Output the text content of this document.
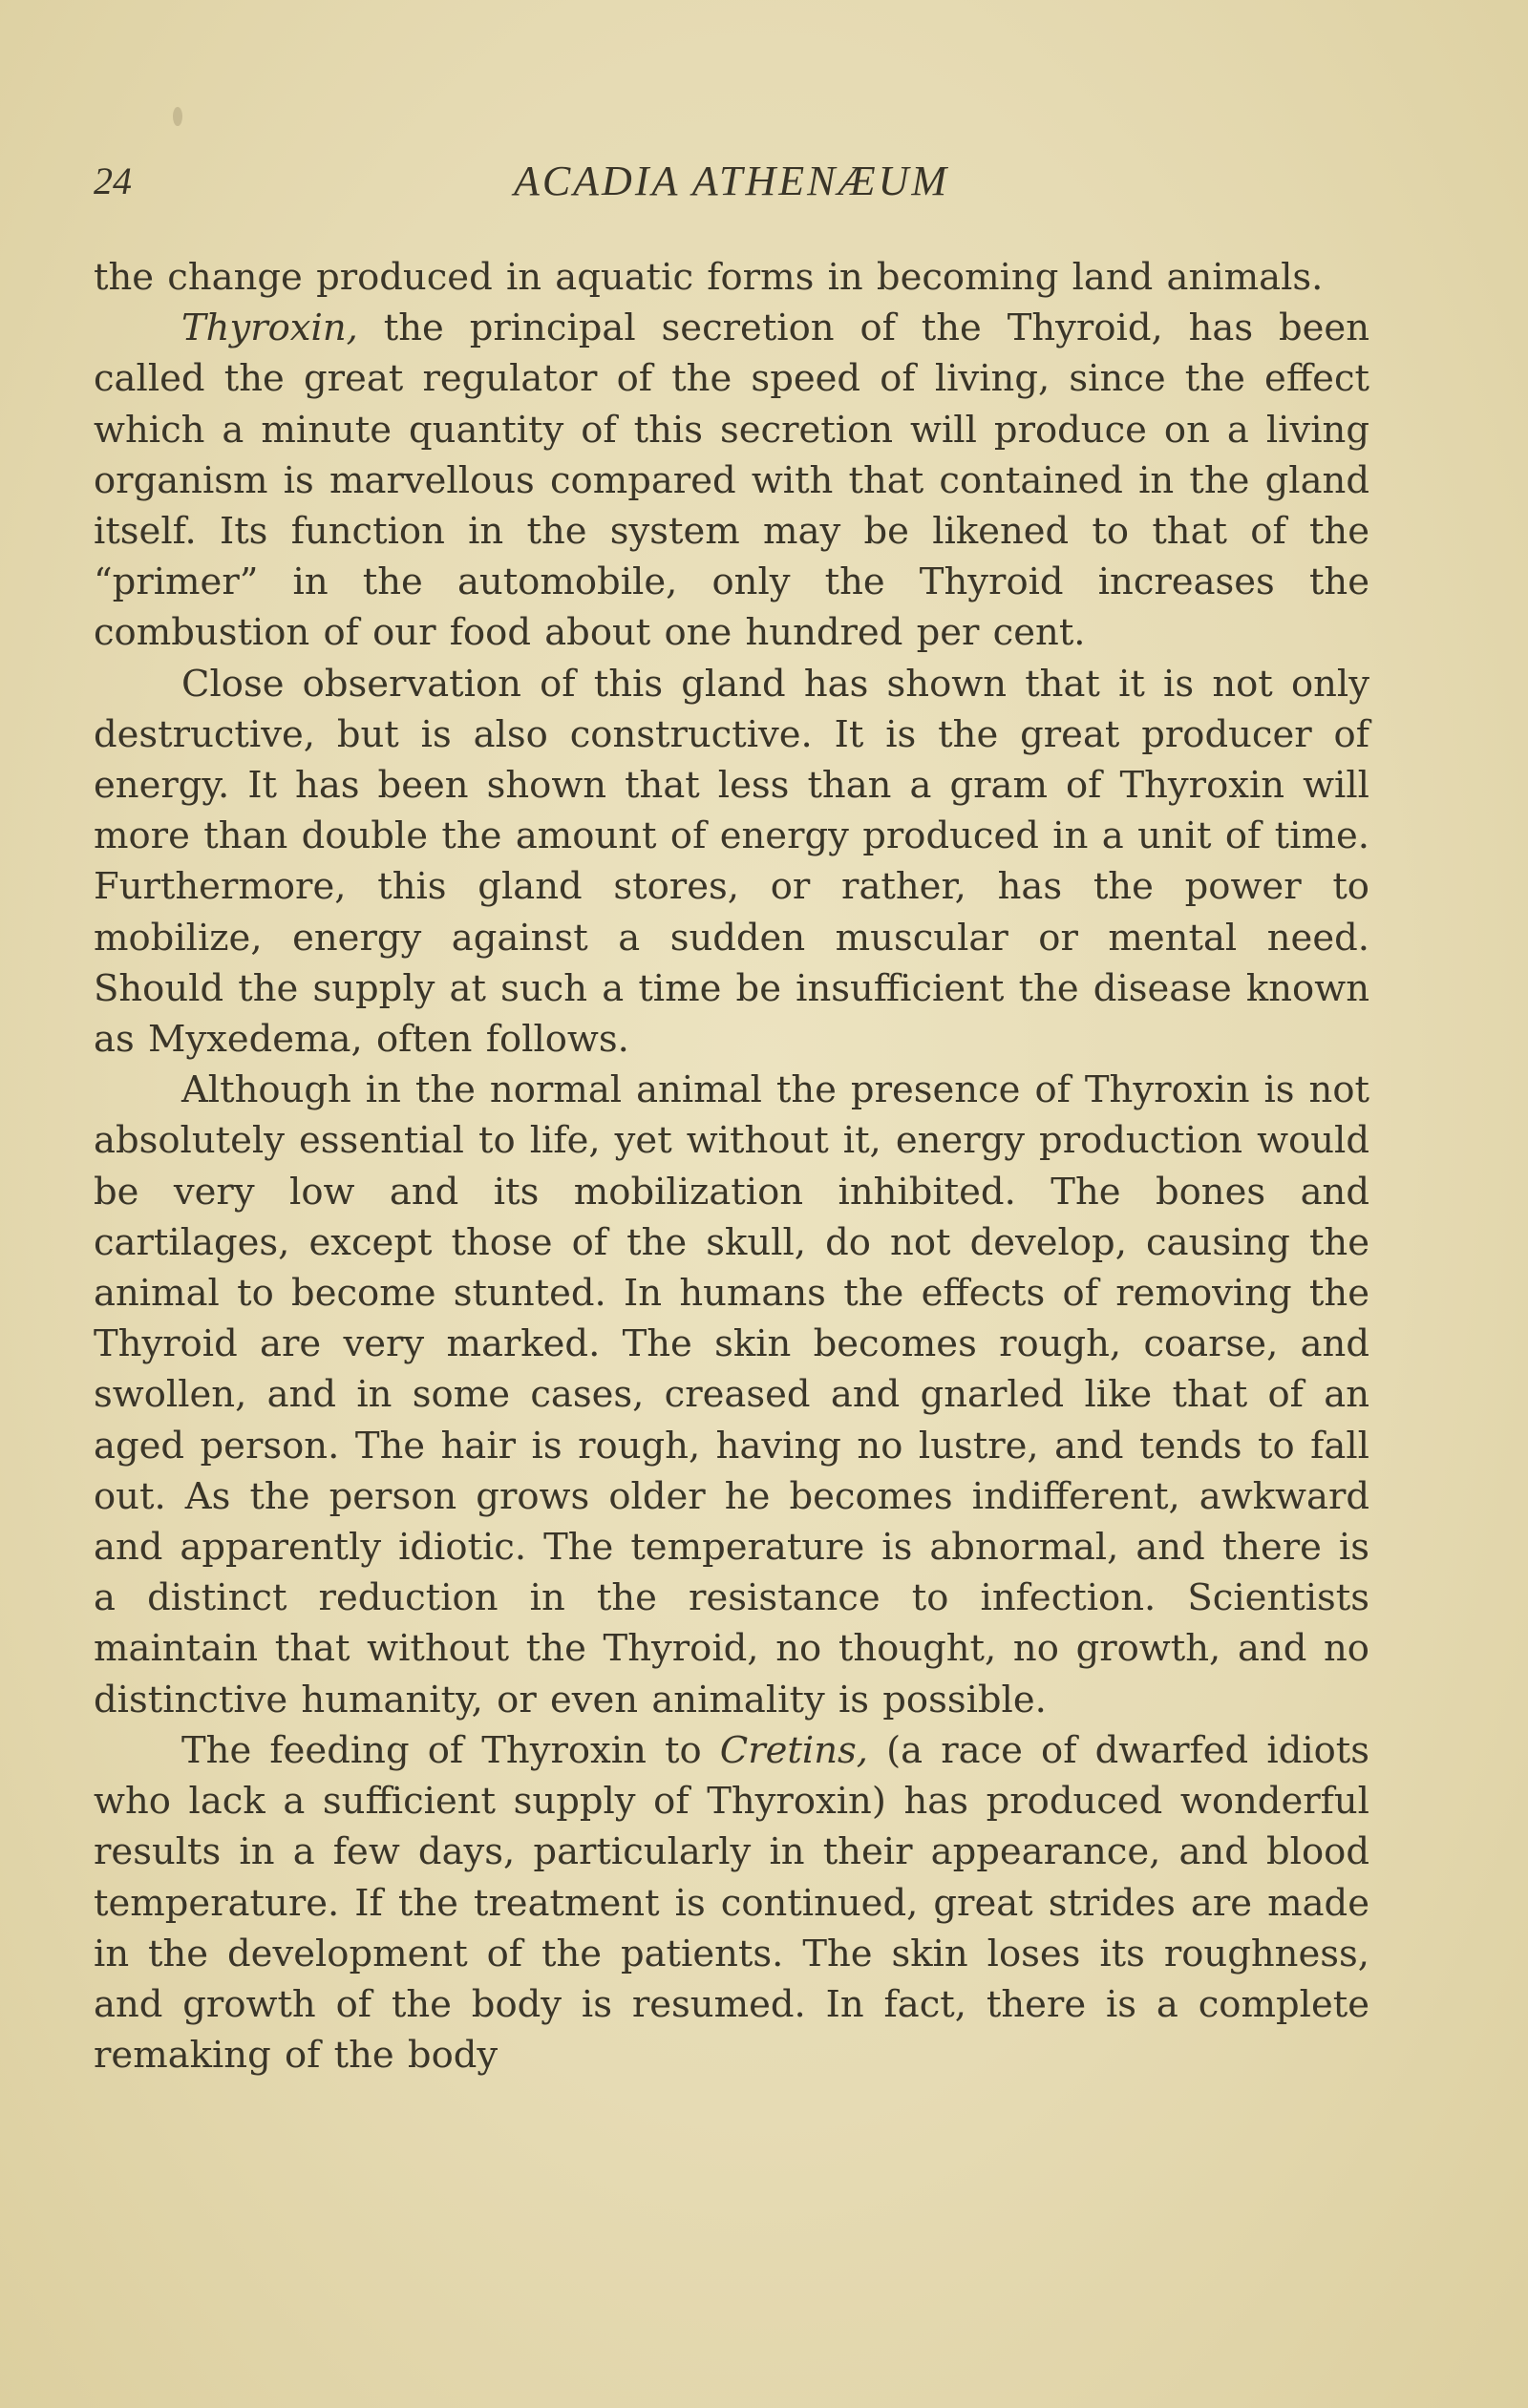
24	ACADIA ATHENÆUM

the change produced in aquatic forms in becoming land animals.

Thyroxin, the principal secretion of the Thyroid, has been called the great regulator of the speed of living, since the effect which a minute quantity of this secretion will produce on a living organism is marvellous compared with that contained in the gland itself. Its function in the system may be likened to that of the “primer” in the automobile, only the Thyroid increases the combustion of our food about one hundred per cent.

Close observation of this gland has shown that it is not only destructive, but is also constructive. It is the great producer of energy. It has been shown that less than a gram of Thyroxin will more than double the amount of energy produced in a unit of time. Furthermore, this gland stores, or rather, has the power to mobilize, energy against a sudden muscular or mental need. Should the supply at such a time be insufficient the disease known as Myxedema, often follows.

Although in the normal animal the presence of Thyroxin is not absolutely essential to life, yet without it, energy production would be very low and its mobilization inhibited. The bones and cartilages, except those of the skull, do not develop, causing the animal to become stunted. In humans the effects of removing the Thyroid are very marked. The skin becomes rough, coarse, and swollen, and in some cases, creased and gnarled like that of an aged person. The hair is rough, having no lustre, and tends to fall out. As the person grows older he becomes indifferent, awkward and apparently idiotic. The temperature is abnormal, and there is a distinct reduction in the resistance to infection. Scientists maintain that without the Thyroid, no thought, no growth, and no distinctive humanity, or even animality is possible.

The feeding of Thyroxin to Cretins, (a race of dwarfed idiots who lack a sufficient supply of Thyroxin) has produced wonderful results in a few days, particularly in their appearance, and blood temperature. If the treatment is continued, great strides are made in the development of the patients. The skin loses its roughness, and growth of the body is resumed. In fact, there is a complete remaking of the body
